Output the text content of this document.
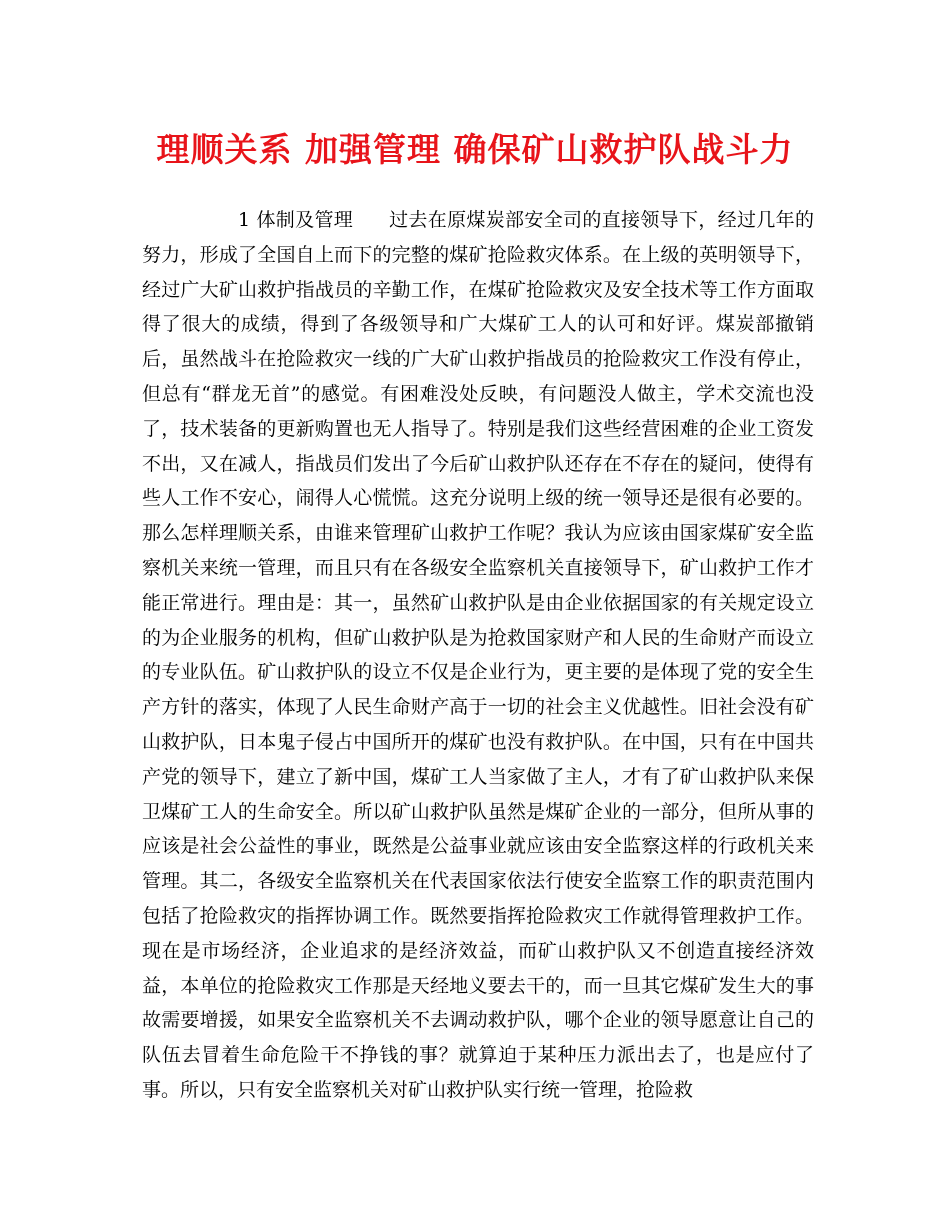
理顺关系 加强管理 确保矿山救护队战斗力

1 体制及管理 过去在原煤炭部安全司的直接领导下，经过几年的努力，形成了全国自上而下的完整的煤矿抢险救灾体系。在上级的英明领导下，经过广大矿山救护指战员的辛勤工作，在煤矿抢险救灾及安全技术等工作方面取得了很大的成绩，得到了各级领导和广大煤矿工人的认可和好评。煤炭部撤销后，虽然战斗在抢险救灾一线的广大矿山救护指战员的抢险救灾工作没有停止，但总有“群龙无首”的感觉。有困难没处反映，有问题没人做主，学术交流也没了，技术装备的更新购置也无人指导了。特别是我们这些经营困难的企业工资发不出，又在减人，指战员们发出了今后矿山救护队还存在不存在的疑问，使得有些人工作不安心，闹得人心慌慌。这充分说明上级的统一领导还是很有必要的。那么怎样理顺关系，由谁来管理矿山救护工作呢？我认为应该由国家煤矿安全监察机关来统一管理，而且只有在各级安全监察机关直接领导下，矿山救护工作才能正常进行。理由是：其一，虽然矿山救护队是由企业依据国家的有关规定设立的为企业服务的机构，但矿山救护队是为抢救国家财产和人民的生命财产而设立的专业队伍。矿山救护队的设立不仅是企业行为，更主要的是体现了党的安全生产方针的落实，体现了人民生命财产高于一切的社会主义优越性。旧社会没有矿山救护队，日本鬼子侵占中国所开的煤矿也没有救护队。在中国，只有在中国共产党的领导下，建立了新中国，煤矿工人当家做了主人，才有了矿山救护队来保卫煤矿工人的生命安全。所以矿山救护队虽然是煤矿企业的一部分，但所从事的应该是社会公益性的事业，既然是公益事业就应该由安全监察这样的行政机关来管理。其二，各级安全监察机关在代表国家依法行使安全监察工作的职责范围内包括了抢险救灾的指挥协调工作。既然要指挥抢险救灾工作就得管理救护工作。现在是市场经济，企业追求的是经济效益，而矿山救护队又不创造直接经济效益，本单位的抢险救灾工作那是天经地义要去干的，而一旦其它煤矿发生大的事故需要增援，如果安全监察机关不去调动救护队，哪个企业的领导愿意让自己的队伍去冒着生命危险干不挣钱的事？就算迫于某种压力派出去了，也是应付了事。所以，只有安全监察机关对矿山救护队实行统一管理，抢险救
